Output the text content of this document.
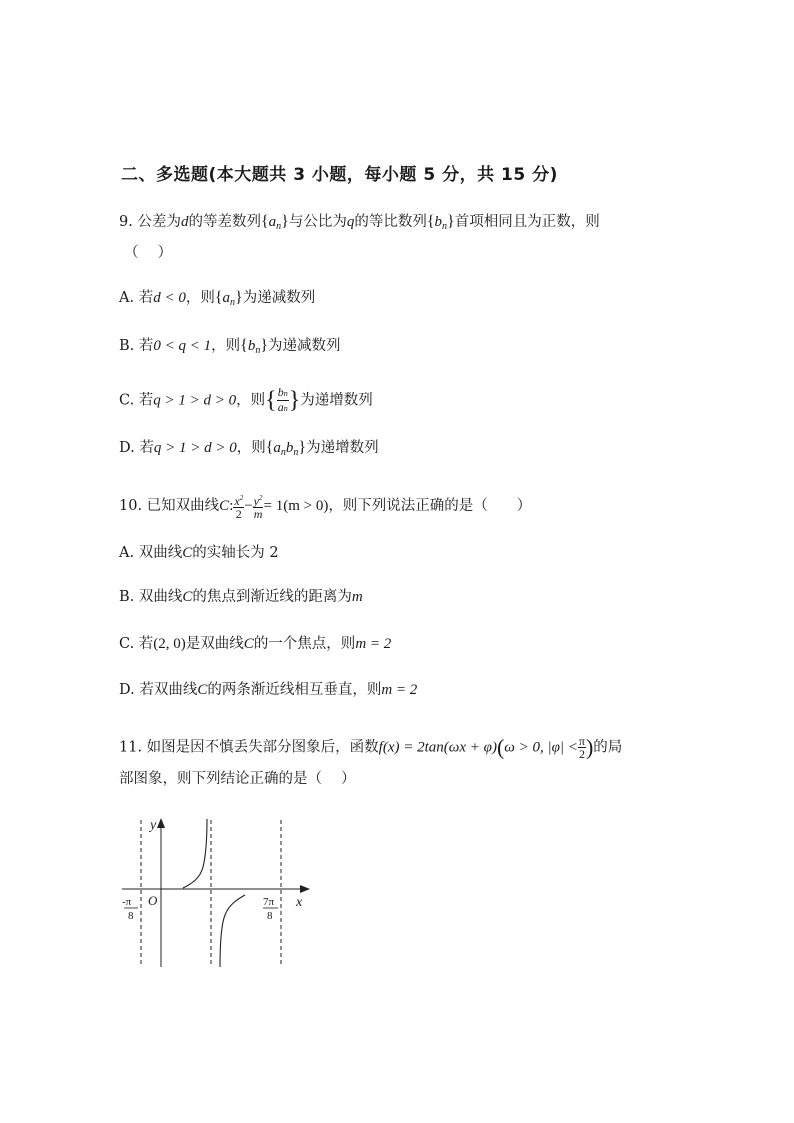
二、多选题(本大题共 3 小题，每小题 5 分，共 15 分)
9. 公差为d的等差数列$\{a_n\}$与公比为q的等比数列$\{b_n\}$首项相同且为正数，则
（　 ）
A. 若d < 0，则$\{a_n\}$为递减数列
B. 若0 < q < 1，则$\{b_n\}$为递减数列
C. 若q > 1 > d > 0，则{ $\frac{bn}{an}$ }为递增数列
D. 若q > 1 > d > 0，则$\{a_nb_n\}$为递增数列
10. 已知双曲线C: $\frac{x^2}{2} - \frac{y^2}{m} = 1(m > 0)$，则下列说法正确的是（　　）
A. 双曲线C的实轴长为 2
B. 双曲线C的焦点到渐近线的距离为m
C. 若(2, 0)是双曲线C的一个焦点，则m = 2
D. 若双曲线C的两条渐近线相互垂直，则m = 2
11. 如图是因不慎丢失部分图象后，函数f(x) = 2tan(ωx + φ)(ω > 0, $|\varphi| < \frac{\pi}{2}$ )的局
部图象，则下列结论正确的是（　 ）
y
x
O
-π
8
7π
8
